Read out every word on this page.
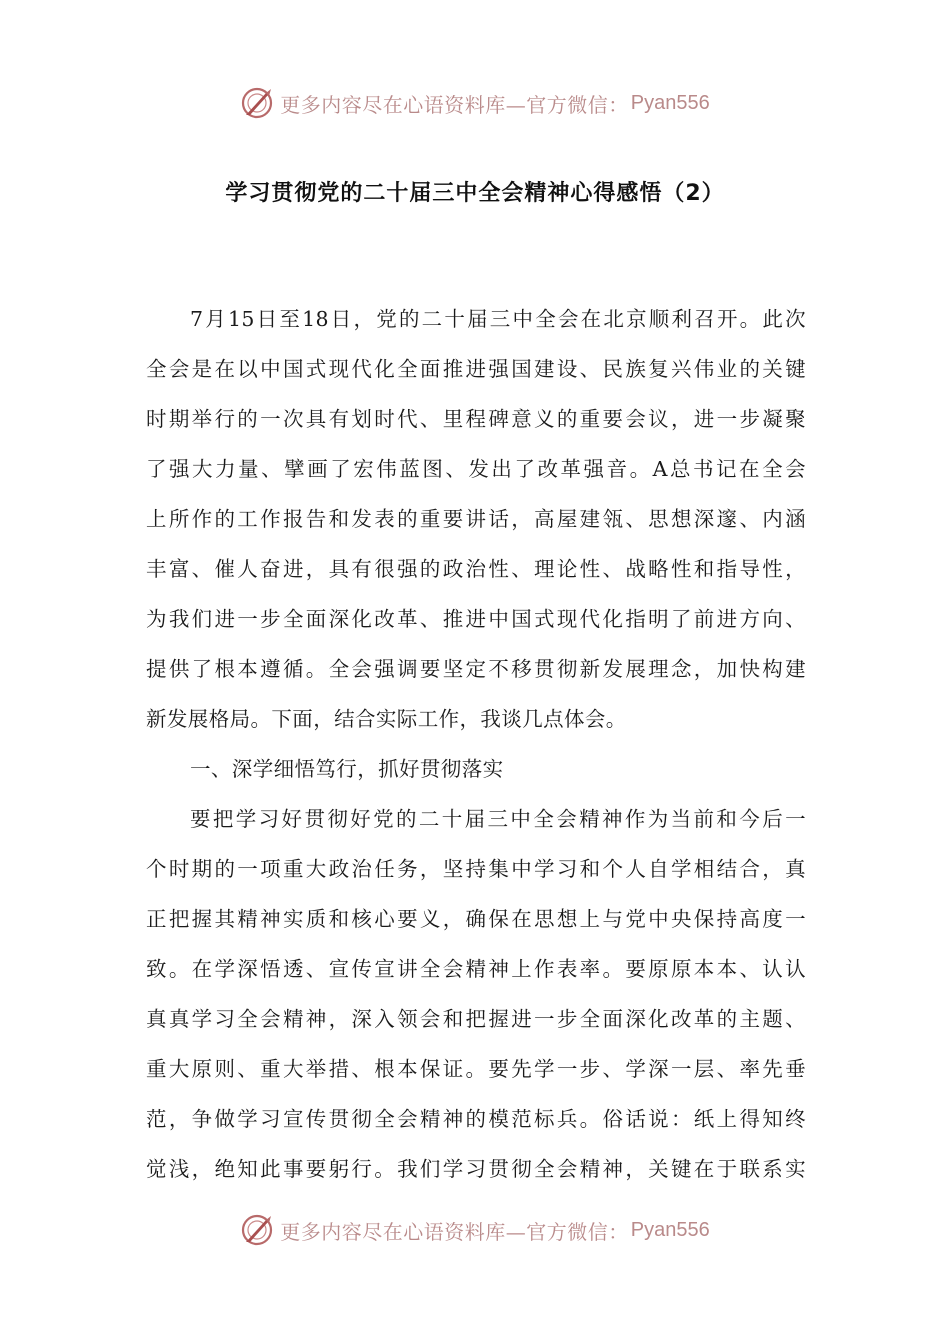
更多内容尽在心语资料库—官方微信： Pyan556
学习贯彻党的二十届三中全会精神心得感悟（2）
7月15日至18日，党的二十届三中全会在北京顺利召开。此次
全会是在以中国式现代化全面推进强国建设、民族复兴伟业的关键
时期举行的一次具有划时代、里程碑意义的重要会议，进一步凝聚
了强大力量、擘画了宏伟蓝图、发出了改革强音。A总书记在全会
上所作的工作报告和发表的重要讲话，高屋建瓴、思想深邃、内涵
丰富、催人奋进，具有很强的政治性、理论性、战略性和指导性，
为我们进一步全面深化改革、推进中国式现代化指明了前进方向、
提供了根本遵循。全会强调要坚定不移贯彻新发展理念，加快构建
新发展格局。下面，结合实际工作，我谈几点体会。
一、深学细悟笃行，抓好贯彻落实
要把学习好贯彻好党的二十届三中全会精神作为当前和今后一
个时期的一项重大政治任务，坚持集中学习和个人自学相结合，真
正把握其精神实质和核心要义，确保在思想上与党中央保持高度一
致。在学深悟透、宣传宣讲全会精神上作表率。要原原本本、认认
真真学习全会精神，深入领会和把握进一步全面深化改革的主题、
重大原则、重大举措、根本保证。要先学一步、学深一层、率先垂
范，争做学习宣传贯彻全会精神的模范标兵。俗话说：纸上得知终
觉浅，绝知此事要躬行。我们学习贯彻全会精神，关键在于联系实
更多内容尽在心语资料库—官方微信： Pyan556
